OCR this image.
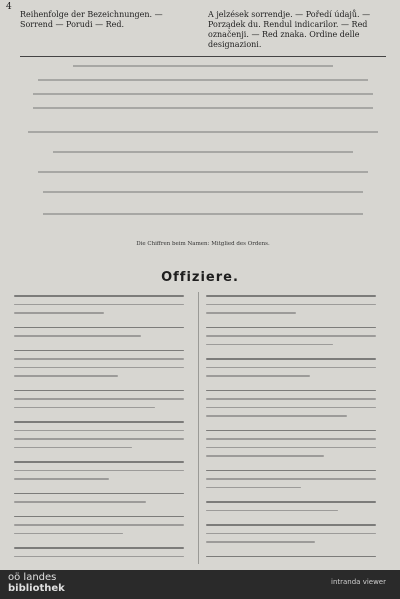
4
Reihenfolge der Bezeichnungen. — Sorrend — Porudi — Red.
A jelzések sorrendje. — Poředí údajů. — Porządek du. Rendul indicarilor. — Red označenji. — Red znaka. Ordine delle designazioni.
Die Chiffren beim Namen: Mitglied des Ordens.
Offiziere.
oö landes
bibliothek
intranda viewer
